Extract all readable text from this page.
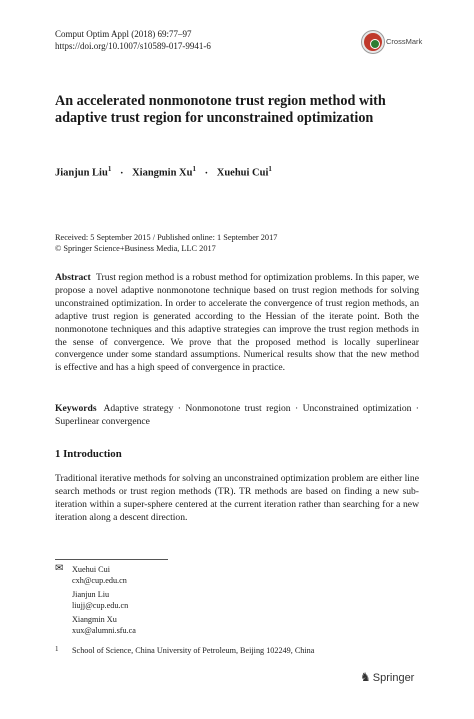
Comput Optim Appl (2018) 69:77–97
https://doi.org/10.1007/s10589-017-9941-6	CrossMark
An accelerated nonmonotone trust region method with adaptive trust region for unconstrained optimization
Jianjun Liu$^1$ · Xiangmin $Xu^1$ · Xuehui Cui$^1$
Received: 5 September 2015 / Published online: 1 September 2017
© Springer Science+Business Media, LLC 2017
Abstract Trust region method is a robust method for optimization problems. In this paper, we propose a novel adaptive nonmonotone technique based on trust region methods for solving unconstrained optimization. In order to accelerate the convergence of trust region methods, an adaptive trust region is generated according to the Hessian of the iterate point. Both the nonmonotone techniques and this adaptive strategies can improve the trust region methods in the sense of convergence. We prove that the proposed method is locally superlinear convergence under some standard assumptions. Numerical results show that the new method is effective and has a high speed of convergence in practice.
Keywords Adaptive strategy · Nonmonotone trust region · Unconstrained optimization · Superlinear convergence
1 Introduction
Traditional iterative methods for solving an unconstrained optimization problem are either line search methods or trust region methods (TR). TR methods are based on finding a new sub-iteration within a super-sphere centered at the current iteration rather than searching for a new iteration along a descent direction.
✉ Xuehui Cui
cxh@cup.edu.cn
Jianjun Liu
liujj@cup.edu.cn
Xiangmin Xu
xux@alumni.sfu.ca
1 School of Science, China University of Petroleum, Beijing 102249, China
♞ Springer
